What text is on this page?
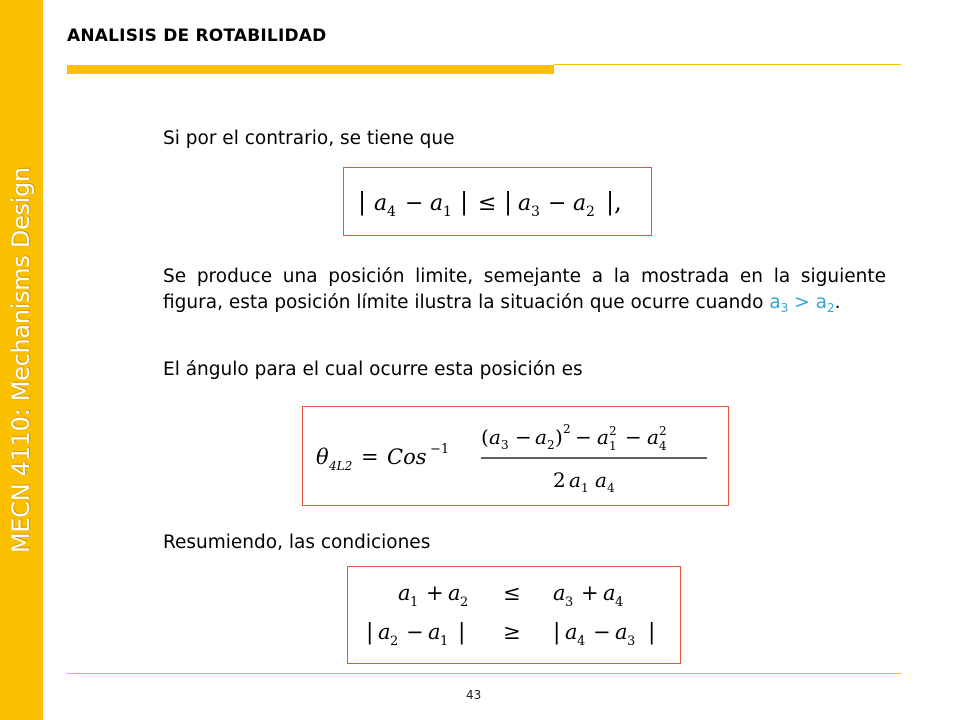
MECN 4110: Mechanisms Design
ANALISIS DE ROTABILIDAD
Si por el contrario, se tiene que
| a 4 − a 1 | ≤ | a 3 − a 2 |,
Se produce una posición limite, semejante a la mostrada en la siguiente figura, esta posición límite ilustra la situación que ocurre cuando $a_3 > a_2$.
El ángulo para el cual ocurre esta posición es
θ 4L2 = Cos −1
( a 3 − a 2 ) 2 − a 2
1 − a 2
4
2 a 1 a 4
Resumiendo, las condiciones
a 1 + a 2 ≤ a 3 + a 4
| a 2 − a 1 | ≥ | a 4 − a 3 |
43
